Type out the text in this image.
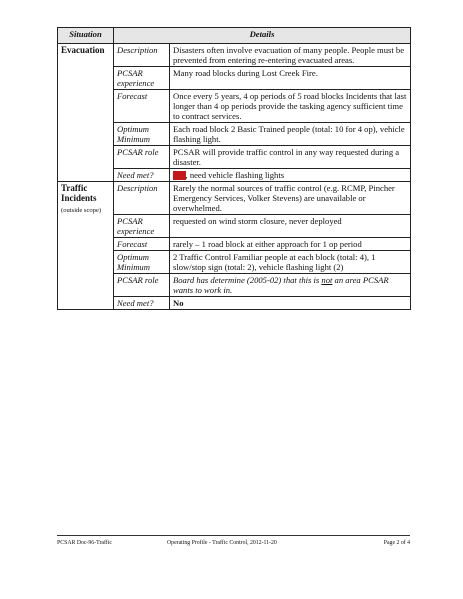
Situation	Details	

Evacuation	Description	Disasters often involve evacuation of many people. People must be prevented from entering re-entering evacuated areas.
	PCSAR experience	Many road blocks during Lost Creek Fire.
	Forecast	Once every 5 years, 4 op periods of 5 road blocks Incidents that last longer than 4 op periods provide the tasking agency sufficient time to contract services.
	Optimum Minimum	Each road block 2 Basic Trained people (total: 10 for 4 op), vehicle flashing light.
	PCSAR role	PCSAR will provide traffic control in any way requested during a disaster.
	Need met?	No, need vehicle flashing lights

Traffic Incidents
(outside scope)	Description	Rarely the normal sources of traffic control (e.g. RCMP, Pincher Emergency Services, Volker Stevens) are unavailable or overwhelmed.
	PCSAR experience	requested on wind storm closure, never deployed
	Forecast	rarely – 1 road block at either approach for 1 op period
	Optimum Minimum	2 Traffic Control Familiar people at each block (total: 4), 1 slow/stop sign (total: 2), vehicle flashing light (2)
	PCSAR role	Board has determine (2005-02) that this is not an area PCSAR wants to work in.
	Need met?	No
PCSAR Doc-96-Traffic	Operating Profile - Traffic Control, 2012-11-20	Page 2 of 4
